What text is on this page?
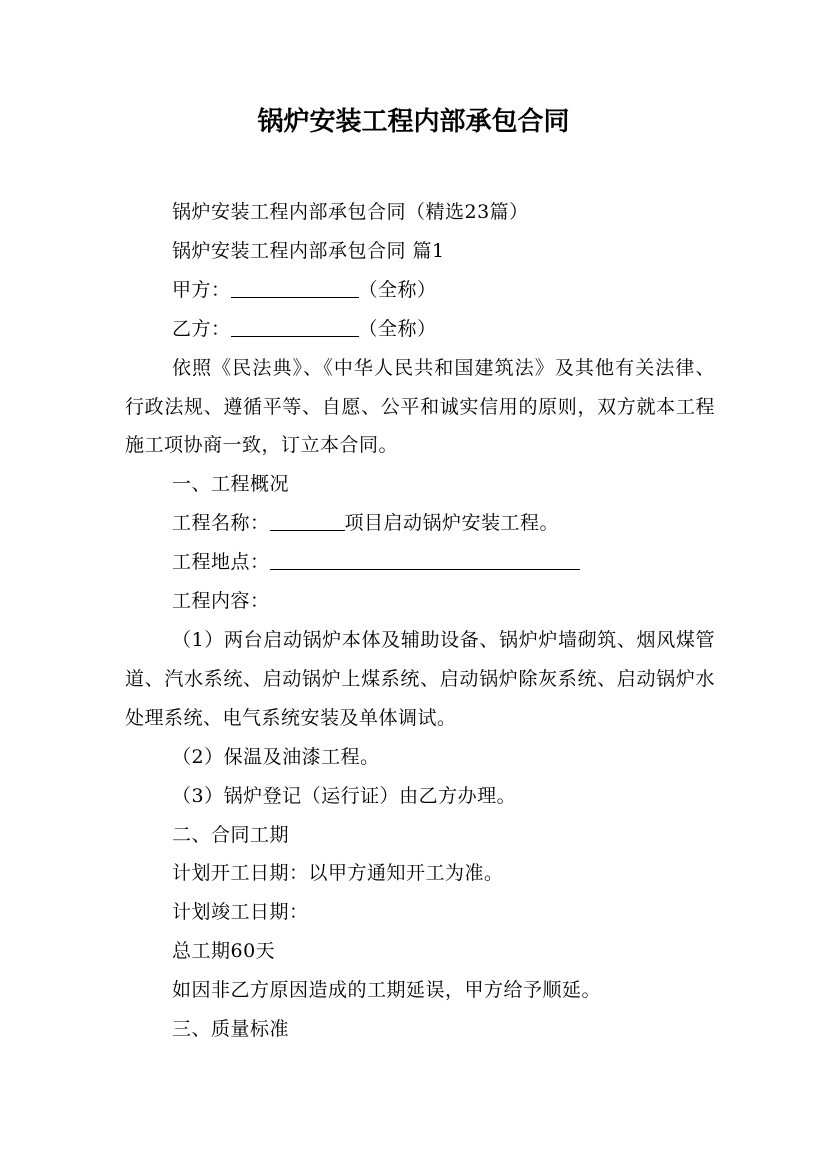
锅炉安装工程内部承包合同

锅炉安装工程内部承包合同（精选23篇）

锅炉安装工程内部承包合同 篇1

甲方：	（全称）

乙方：	（全称）

依照《民法典》、《中华人民共和国建筑法》及其他有关法律、行政法规、遵循平等、自愿、公平和诚实信用的原则，双方就本工程施工项协商一致，订立本合同。

一、工程概况

工程名称：	项目启动锅炉安装工程。

工程地点：

工程内容：

（1）两台启动锅炉本体及辅助设备、锅炉炉墙砌筑、烟风煤管道、汽水系统、启动锅炉上煤系统、启动锅炉除灰系统、启动锅炉水处理系统、电气系统安装及单体调试。

（2）保温及油漆工程。

（3）锅炉登记（运行证）由乙方办理。

二、合同工期

计划开工日期：以甲方通知开工为准。

计划竣工日期：

总工期60天

如因非乙方原因造成的工期延误，甲方给予顺延。

三、质量标准
